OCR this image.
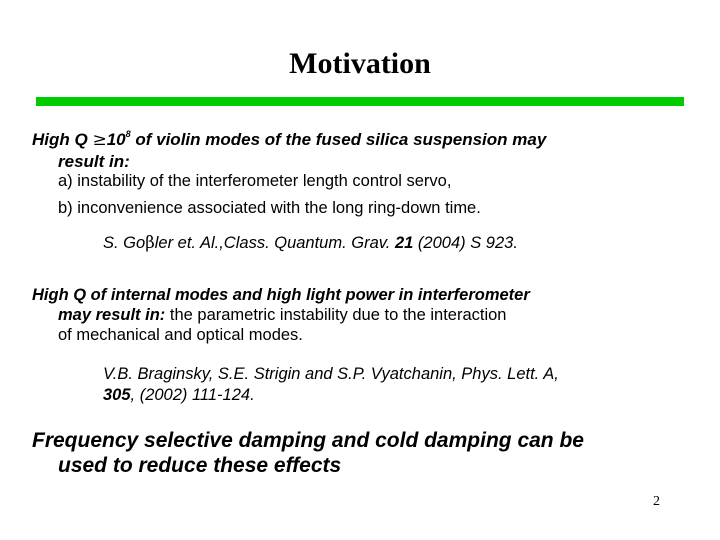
Motivation
High $Q \ge 10^8$ of violin modes of the fused silica suspension may
result in:
a) instability of the interferometer length control servo,
b) inconvenience associated with the long ring-down time.
S. Goβler et. Al.,Class. Quantum. Grav. 21 (2004) S 923.
High Q of internal modes and high light power in interferometer
may result in: the parametric instability due to the interaction
of mechanical and optical modes.
V.B. Braginsky, S.E. Strigin and S.P. Vyatchanin, Phys. Lett. A,
305, (2002) 111-124.
Frequency selective damping and cold damping can be
used to reduce these effects
2
